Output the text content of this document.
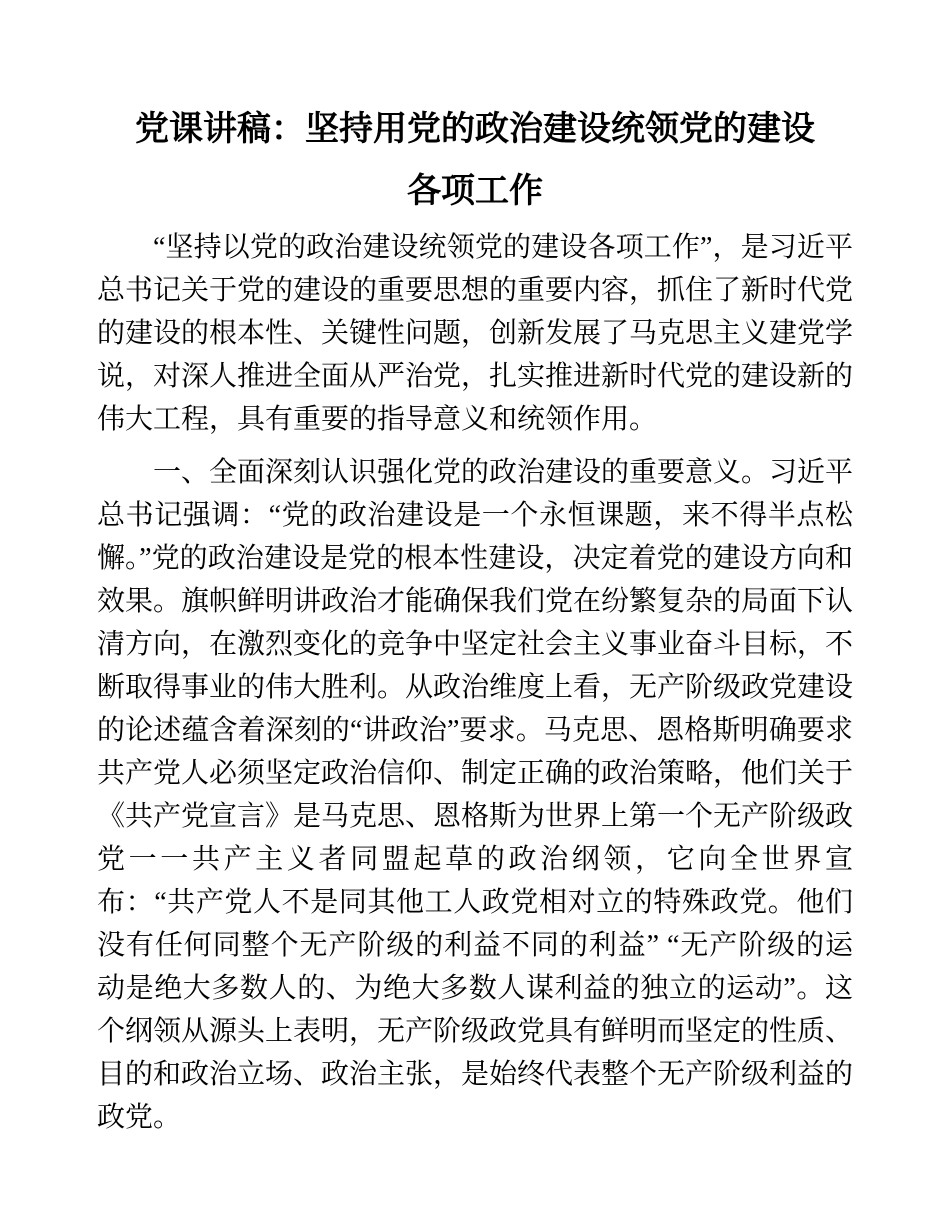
党课讲稿：坚持用党的政治建设统领党的建设
各项工作

“坚持以党的政治建设统领党的建设各项工作”，是习近平总书记关于党的建设的重要思想的重要内容，抓住了新时代党的建设的根本性、关键性问题，创新发展了马克思主义建党学说，对深人推进全面从严治党，扎实推进新时代党的建设新的伟大工程，具有重要的指导意义和统领作用。

一、全面深刻认识强化党的政治建设的重要意义。习近平总书记强调：“党的政治建设是一个永恒课题，来不得半点松懈。”党的政治建设是党的根本性建设，决定着党的建设方向和效果。旗帜鲜明讲政治才能确保我们党在纷繁复杂的局面下认清方向，在激烈变化的竞争中坚定社会主义事业奋斗目标，不断取得事业的伟大胜利。从政治维度上看，无产阶级政党建设的论述蕴含着深刻的“讲政治”要求。马克思、恩格斯明确要求共产党人必须坚定政治信仰、制定正确的政治策略，他们关于《共产党宣言》是马克思、恩格斯为世界上第一个无产阶级政党一一共产主义者同盟起草的政治纲领，它向全世界宣布：“共产党人不是同其他工人政党相对立的特殊政党。他们没有任何同整个无产阶级的利益不同的利益” “无产阶级的运动是绝大多数人的、为绝大多数人谋利益的独立的运动”。这个纲领从源头上表明，无产阶级政党具有鲜明而坚定的性质、目的和政治立场、政治主张，是始终代表整个无产阶级利益的政党。
